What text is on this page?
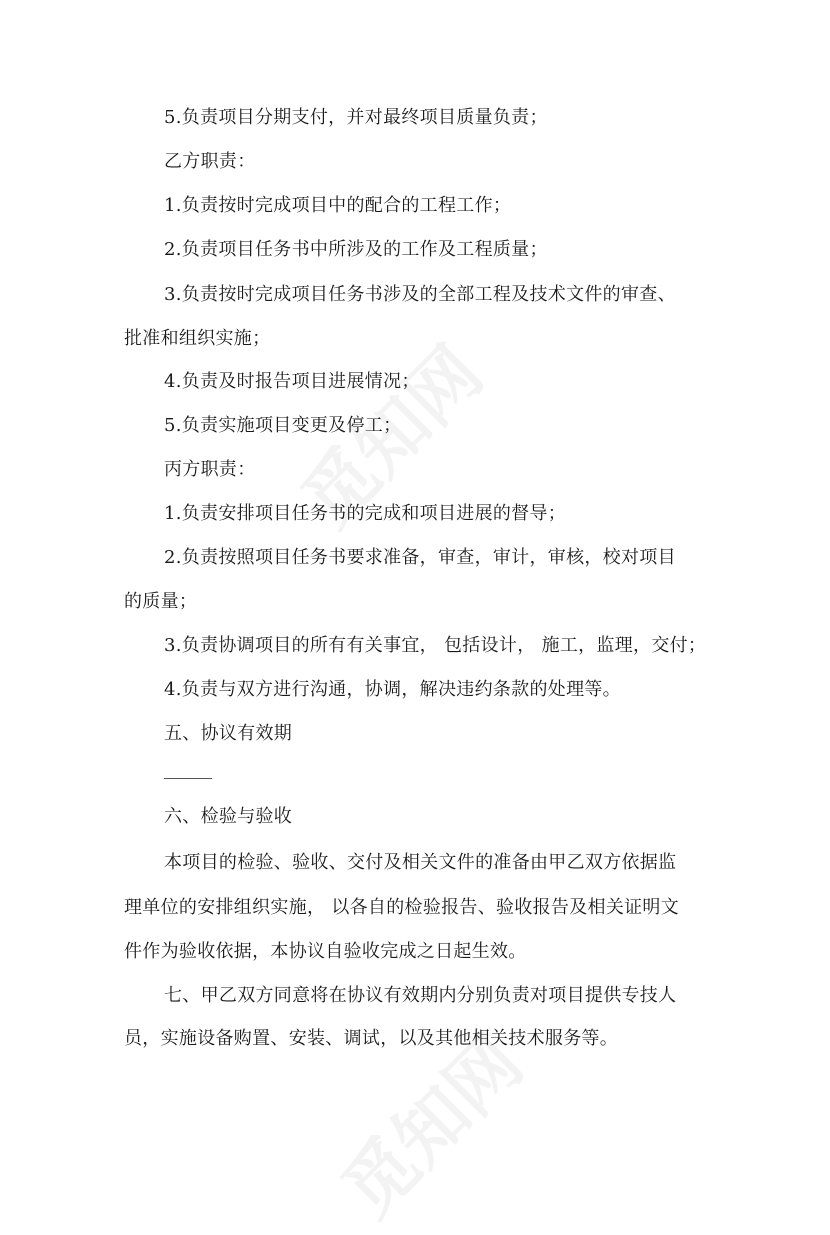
5.负责项目分期支付，并对最终项目质量负责；
乙方职责：
1.负责按时完成项目中的配合的工程工作；
2.负责项目任务书中所涉及的工作及工程质量；
3.负责按时完成项目任务书涉及的全部工程及技术文件的审查、
批准和组织实施；
4.负责及时报告项目进展情况；
5.负责实施项目变更及停工；
丙方职责：
1.负责安排项目任务书的完成和项目进展的督导；
2.负责按照项目任务书要求准备，审查，审计，审核，校对项目
的质量；
3.负责协调项目的所有有关事宜， 包括设计， 施工，监理，交付；
4.负责与双方进行沟通，协调，解决违约条款的处理等。
五、协议有效期
六、检验与验收
本项目的检验、验收、交付及相关文件的准备由甲乙双方依据监
理单位的安排组织实施， 以各自的检验报告、验收报告及相关证明文
件作为验收依据，本协议自验收完成之日起生效。
七、甲乙双方同意将在协议有效期内分别负责对项目提供专技人
员，实施设备购置、安装、调试，以及其他相关技术服务等。
